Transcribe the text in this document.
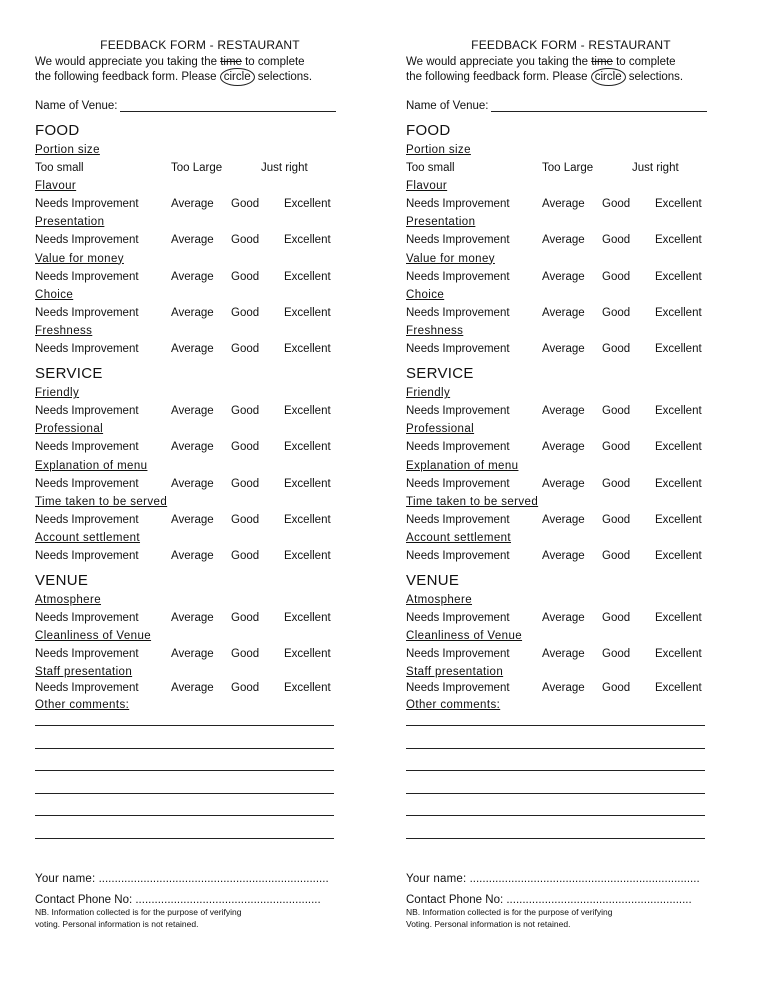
FEEDBACK FORM - RESTAURANT
We would appreciate you taking the time to complete
the following feedback form. Please circle selections.
Name of Venue:
FOOD
Portion size
Too small	Too Large	Just right
Flavour
Needs Improvement	Average Good Excellent
Presentation
Needs Improvement	Average Good Excellent
Value for money
Needs Improvement	Average Good Excellent
Choice
Needs Improvement	Average Good Excellent
Freshness
Needs Improvement	Average Good Excellent
SERVICE
Friendly
Needs Improvement	Average Good Excellent
Professional
Needs Improvement	Average Good Excellent
Explanation of menu
Needs Improvement	Average Good Excellent
Time taken to be served
Needs Improvement	Average Good Excellent
Account settlement
Needs Improvement	Average Good Excellent
VENUE
Atmosphere
Needs Improvement	Average Good Excellent
Cleanliness of Venue
Needs Improvement	Average Good Excellent
Staff presentation
Needs Improvement	Average Good Excellent
Other comments:
Your name: ........................................................................
Contact Phone No: ..........................................................
NB. Information collected is for the purpose of verifying
voting. Personal information is not retained.
FEEDBACK FORM - RESTAURANT
We would appreciate you taking the time to complete
the following feedback form. Please circle selections.
Name of Venue:
FOOD
Portion size
Too small	Too Large	Just right
Flavour
Needs Improvement	Average Good Excellent
Presentation
Needs Improvement	Average Good Excellent
Value for money
Needs Improvement	Average Good Excellent
Choice
Needs Improvement	Average Good Excellent
Freshness
Needs Improvement	Average Good Excellent
SERVICE
Friendly
Needs Improvement	Average Good Excellent
Professional
Needs Improvement	Average Good Excellent
Explanation of menu
Needs Improvement	Average Good Excellent
Time taken to be served
Needs Improvement	Average Good Excellent
Account settlement
Needs Improvement	Average Good Excellent
VENUE
Atmosphere
Needs Improvement	Average Good Excellent
Cleanliness of Venue
Needs Improvement	Average Good Excellent
Staff presentation
Needs Improvement	Average Good Excellent
Other comments:
Your name: ........................................................................
Contact Phone No: ..........................................................
NB. Information collected is for the purpose of verifying
Voting. Personal information is not retained.
